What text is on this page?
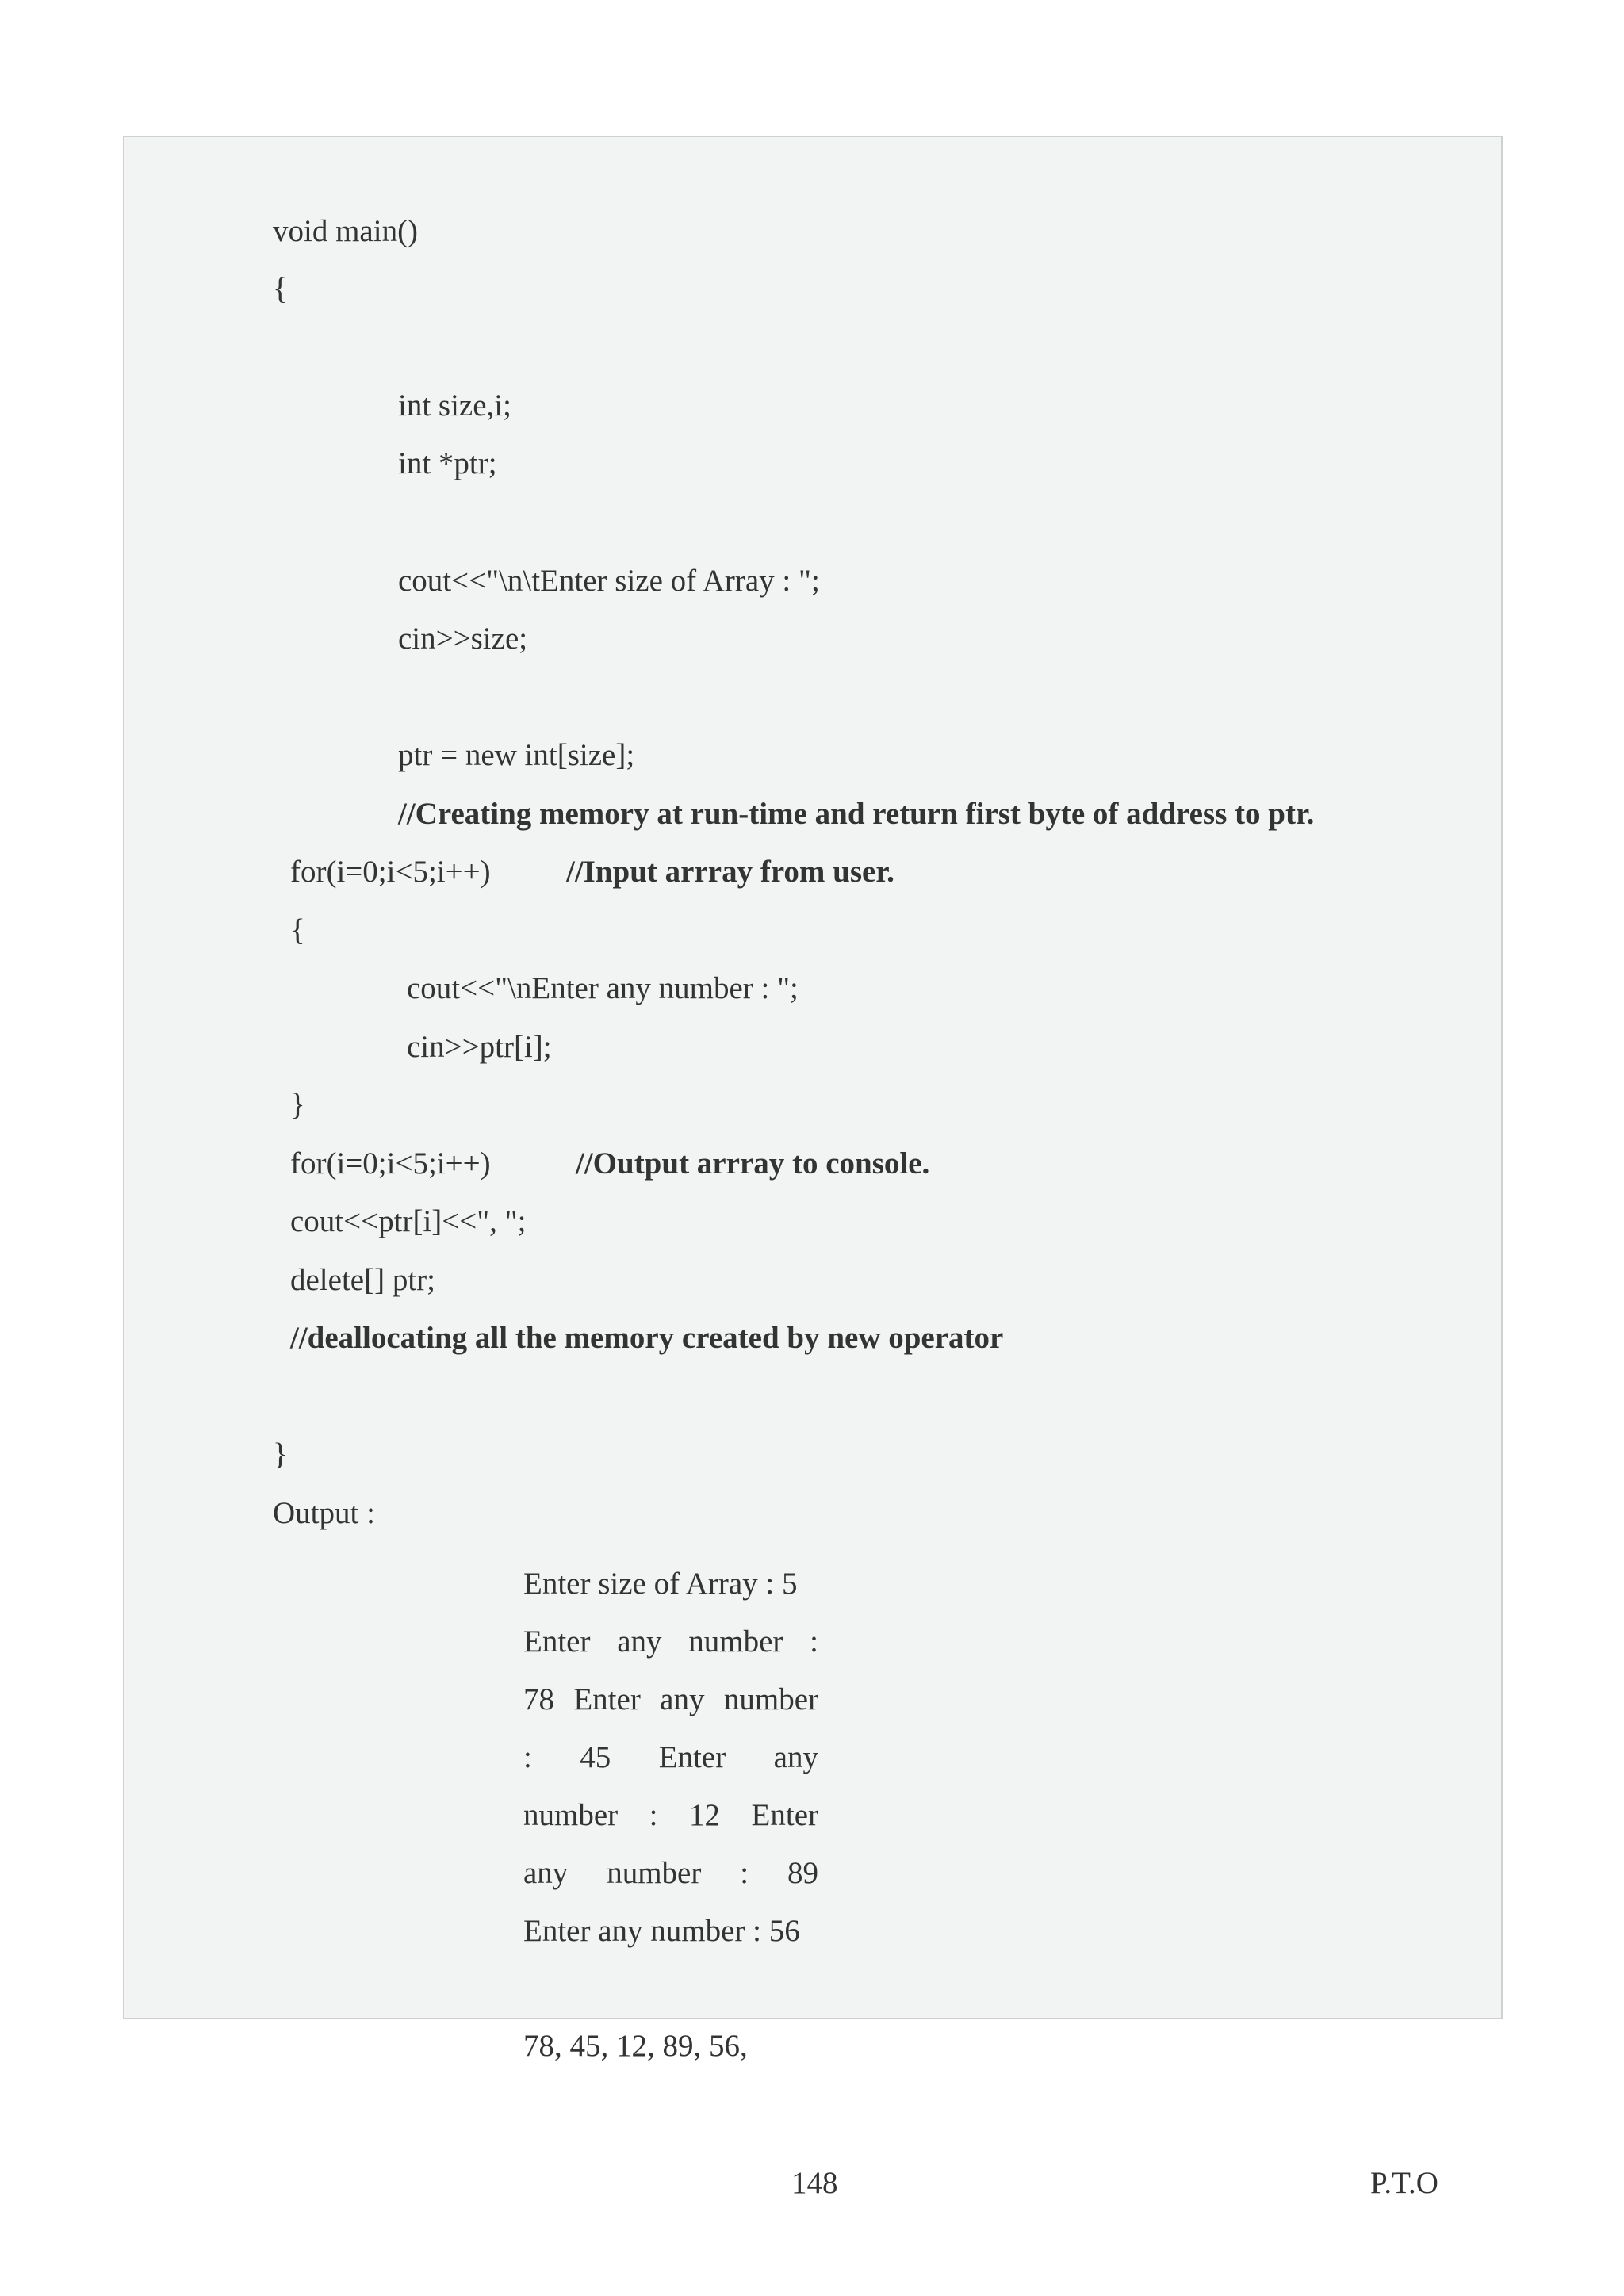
void main()
{
int size,i;
int *ptr;
cout<<"\n\tEnter size of Array : ";
cin>>size;
ptr = new int[size];
//Creating memory at run-time and return first byte of address to ptr.
for(i=0;i<5;i++) //Input arrray from user.
{
cout<<"\nEnter any number : ";
cin>>ptr[i];
}
for(i=0;i<5;i++)	//Output arrray to console.
cout<<ptr[i]<<", ";
delete[] ptr;
//deallocating all the memory created by new operator
}
Output :
Enter size of Array : 5
Enter any number :
78 Enter any number
: 45 Enter any
number : 12 Enter
any number : 89
Enter any number : 56
78, 45, 12, 89, 56,
148	P.T.O
